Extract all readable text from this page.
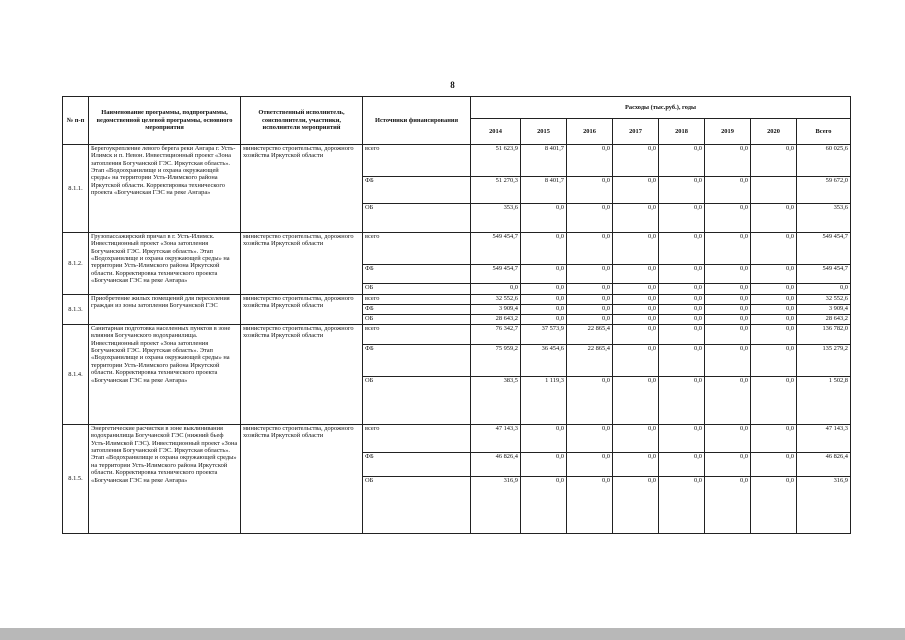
8
№ п-п	Наименование программы, подпрограммы, ведомственной целевой программы, основного мероприятия	Ответственный исполнитель, соисполнители, участники, исполнители мероприятий	Источники финансирования	Расходы (тыс.руб.), годы							
				2014	2015	2016	2017	2018	2019	2020	Всего
8.1.1.	Берегоукрепление левого берега реки Ангара г. Усть-Илимск и п. Невон. Инвестиционный проект «Зона затопления Богучанской ГЭС. Иркутская область». Этап «Водоохранилище и охрана окружающей среды» на территории Усть-Илимского района Иркутской области. Корректировка технического проекта «Богучанская ГЭС на реке Ангара»	министерство строительства, дорожного хозяйства Иркутской области	всего	51 623,9	8 401,7	0,0	0,0	0,0	0,0	0,0	60 025,6
			ФБ	51 270,3	8 401,7	0,0	0,0	0,0	0,0		59 672,0
			ОБ	353,6	0,0	0,0	0,0	0,0	0,0	0,0	353,6
8.1.2.	Грузопассажирский причал в г. Усть-Илимск. Инвестиционный проект «Зона затопления Богучанской ГЭС. Иркутская область». Этап «Водохранилище и охрана окружающей среды» на территории Усть-Илимского района Иркутской области. Корректировка технического проекта «Богучанская ГЭС на реке Ангара»	министерство строительства, дорожного хозяйства Иркутской области	всего	549 454,7	0,0	0,0	0,0	0,0	0,0	0,0	549 454,7
			ФБ	549 454,7	0,0	0,0	0,0	0,0	0,0	0,0	549 454,7
			ОБ	0,0	0,0	0,0	0,0	0,0	0,0	0,0	0,0
8.1.3.	Приобретение жилых помещений для переселения граждан из зоны затопления Богучанской ГЭС	министерство строительства, дорожного хозяйства Иркутской области	всего	32 552,6	0,0	0,0	0,0	0,0	0,0	0,0	32 552,6
			ФБ	3 909,4	0,0	0,0	0,0	0,0	0,0	0,0	3 909,4
			ОБ	28 643,2	0,0	0,0	0,0	0,0	0,0	0,0	28 643,2
8.1.4.	Санитарная подготовка населенных пунктов в зоне влияния Богучанского водохранилища. Инвестиционный проект «Зона затопления Богучанской ГЭС. Иркутская область». Этап «Водохранилище и охрана окружающей среды» на территории Усть-Илимского района Иркутской области. Корректировка технического проекта «Богучанская ГЭС на реке Ангара»	министерство строительства, дорожного хозяйства Иркутской области	всего	76 342,7	37 573,9	22 865,4	0,0	0,0	0,0	0,0	136 782,0
			ФБ	75 959,2	36 454,6	22 865,4	0,0	0,0	0,0	0,0	135 279,2
			ОБ	383,5	1 119,3	0,0	0,0	0,0	0,0	0,0	1 502,8
8.1.5.	Энергетические расчистки в зоне выклинивания водохранилища Богучанской ГЭС (нижний бьеф Усть-Илимской ГЭС). Инвестиционный проект «Зона затопления Богучанской ГЭС. Иркутская область». Этап «Водохранилище и охрана окружающей среды» на территории Усть-Илимского района Иркутской области. Корректировка технического проекта «Богучанская ГЭС на реке Ангара»	министерство строительства, дорожного хозяйства Иркутской области	всего	47 143,3	0,0	0,0	0,0	0,0	0,0	0,0	47 143,3
			ФБ	46 826,4	0,0	0,0	0,0	0,0	0,0	0,0	46 826,4
			ОБ	316,9	0,0	0,0	0,0	0,0	0,0	0,0	316,9
